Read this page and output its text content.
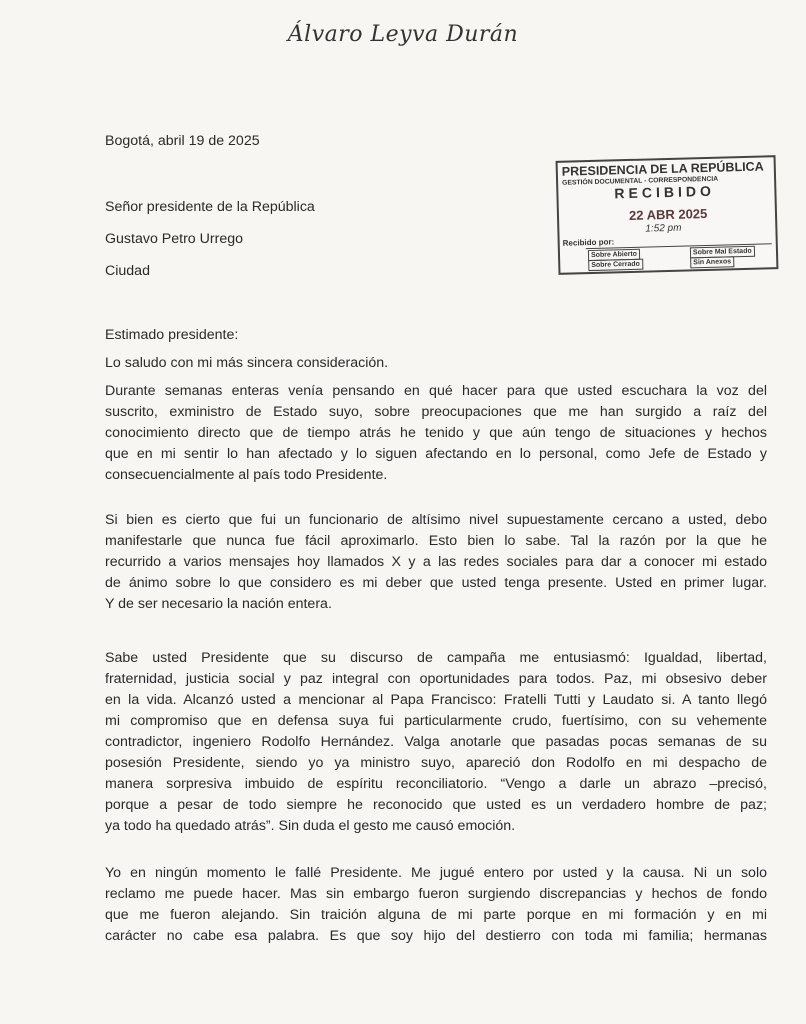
Álvaro Leyva Durán
Bogotá, abril 19 de 2025
Señor presidente de la República
Gustavo Petro Urrego
Ciudad
PRESIDENCIA DE LA REPÚBLICA
GESTIÓN DOCUMENTAL - CORRESPONDENCIA
RECIBIDO
22 ABR 2025
1:52 pm
Recibido por:
Sobre Abierto	Sobre Mal Estado
Sobre Cerrado	Sin Anexos
Estimado presidente:
Lo saludo con mi más sincera consideración.
Durante semanas enteras venía pensando en qué hacer para que usted escuchara la voz del
suscrito, exministro de Estado suyo, sobre preocupaciones que me han surgido a raíz del
conocimiento directo que de tiempo atrás he tenido y que aún tengo de situaciones y hechos
que en mi sentir lo han afectado y lo siguen afectando en lo personal, como Jefe de Estado y
consecuencialmente al país todo Presidente.
Si bien es cierto que fui un funcionario de altísimo nivel supuestamente cercano a usted, debo
manifestarle que nunca fue fácil aproximarlo. Esto bien lo sabe. Tal la razón por la que he
recurrido a varios mensajes hoy llamados X y a las redes sociales para dar a conocer mi estado
de ánimo sobre lo que considero es mi deber que usted tenga presente. Usted en primer lugar.
Y de ser necesario la nación entera.
Sabe usted Presidente que su discurso de campaña me entusiasmó: Igualdad, libertad,
fraternidad, justicia social y paz integral con oportunidades para todos. Paz, mi obsesivo deber
en la vida. Alcanzó usted a mencionar al Papa Francisco: Fratelli Tutti y Laudato si. A tanto llegó
mi compromiso que en defensa suya fui particularmente crudo, fuertísimo, con su vehemente
contradictor, ingeniero Rodolfo Hernández. Valga anotarle que pasadas pocas semanas de su
posesión Presidente, siendo yo ya ministro suyo, apareció don Rodolfo en mi despacho de
manera sorpresiva imbuido de espíritu reconciliatorio. “Vengo a darle un abrazo –precisó,
porque a pesar de todo siempre he reconocido que usted es un verdadero hombre de paz;
ya todo ha quedado atrás”. Sin duda el gesto me causó emoción.
Yo en ningún momento le fallé Presidente. Me jugué entero por usted y la causa. Ni un solo
reclamo me puede hacer. Mas sin embargo fueron surgiendo discrepancias y hechos de fondo
que me fueron alejando. Sin traición alguna de mi parte porque en mi formación y en mi
carácter no cabe esa palabra. Es que soy hijo del destierro con toda mi familia; hermanas
